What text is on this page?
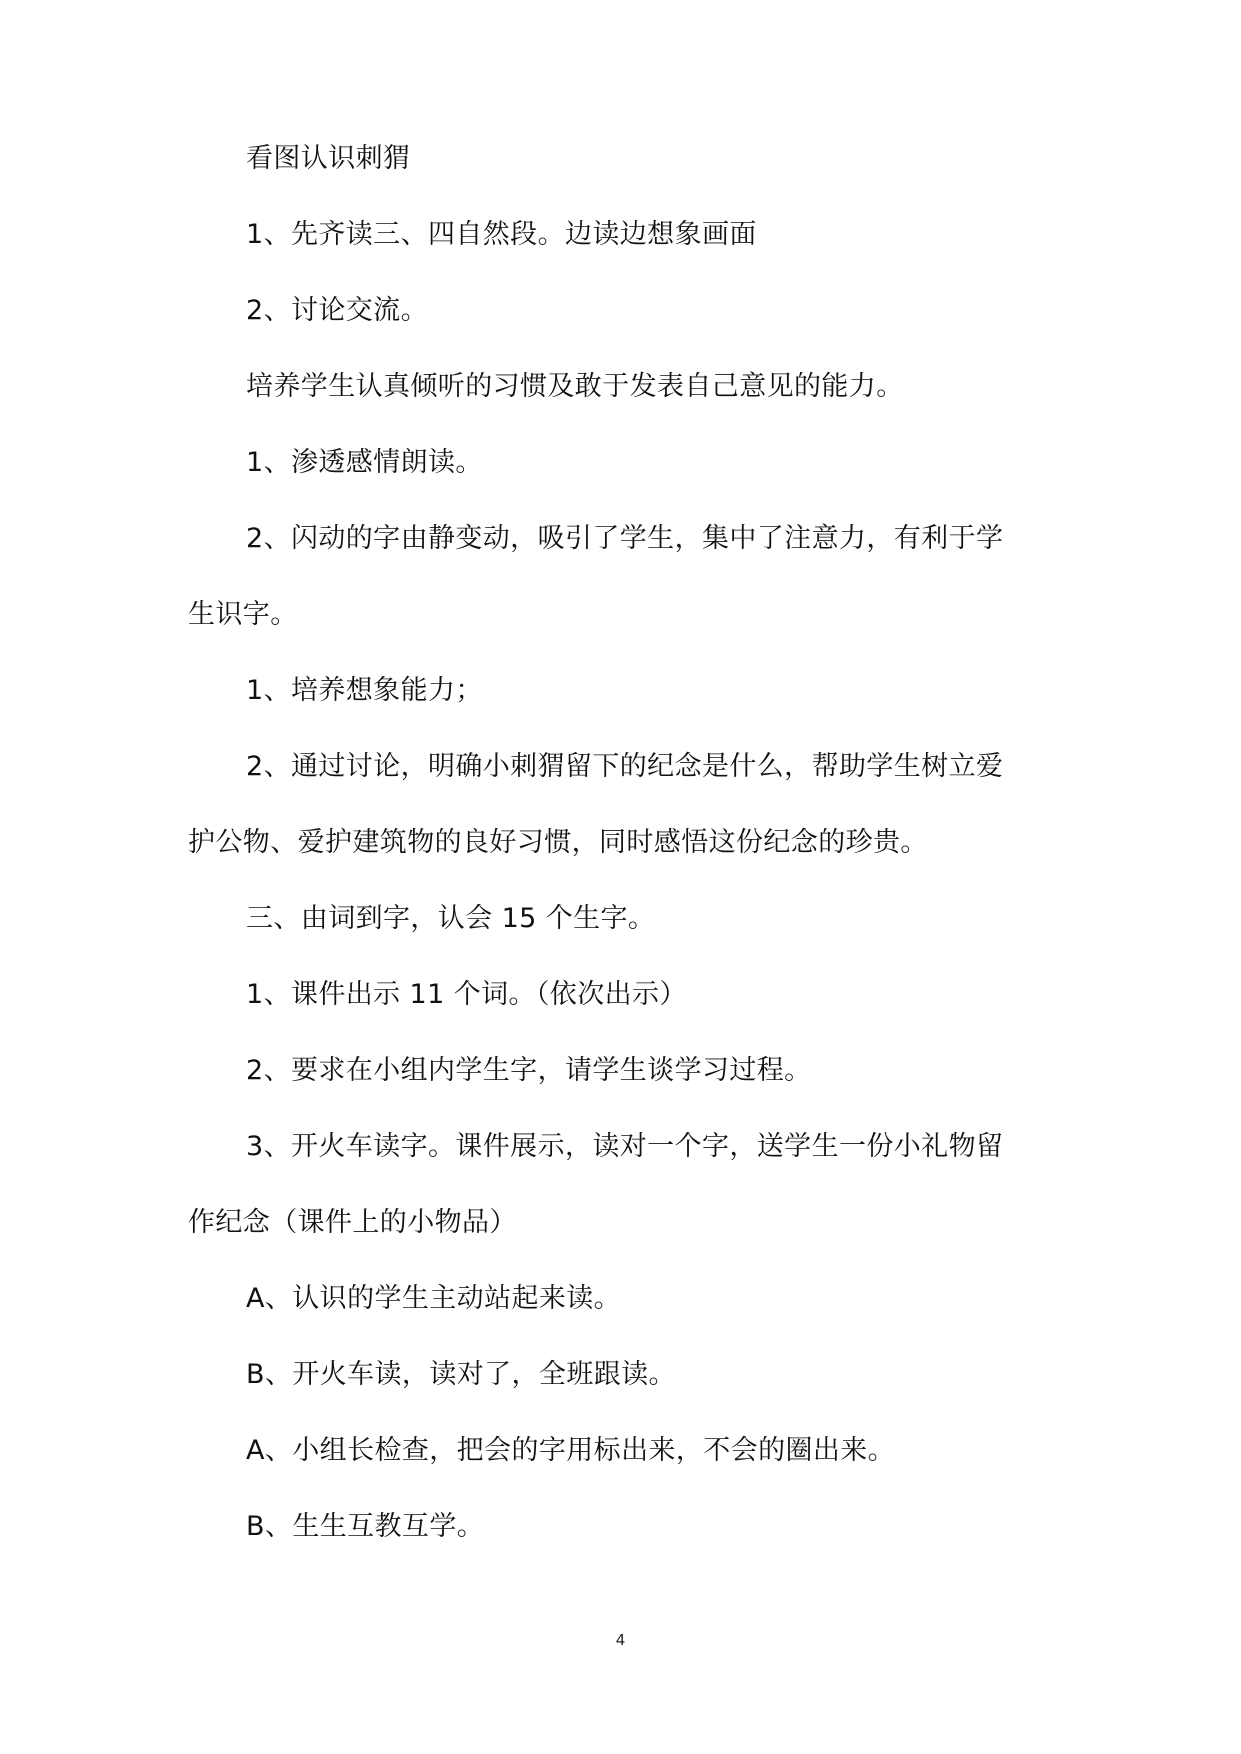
看图认识刺猬

1、先齐读三、四自然段。边读边想象画面

2、讨论交流。

培养学生认真倾听的习惯及敢于发表自己意见的能力。

1、渗透感情朗读。

2、闪动的字由静变动，吸引了学生，集中了注意力，有利于学

生识字。

1、培养想象能力；

2、通过讨论，明确小刺猬留下的纪念是什么，帮助学生树立爱

护公物、爱护建筑物的良好习惯，同时感悟这份纪念的珍贵。

三、由词到字，认会 15 个生字。

1、课件出示 11 个词。（依次出示）

2、要求在小组内学生字，请学生谈学习过程。

3、开火车读字。课件展示，读对一个字，送学生一份小礼物留

作纪念（课件上的小物品）

A、认识的学生主动站起来读。

B、开火车读，读对了，全班跟读。

A、小组长检查，把会的字用标出来，不会的圈出来。

B、生生互教互学。

4
